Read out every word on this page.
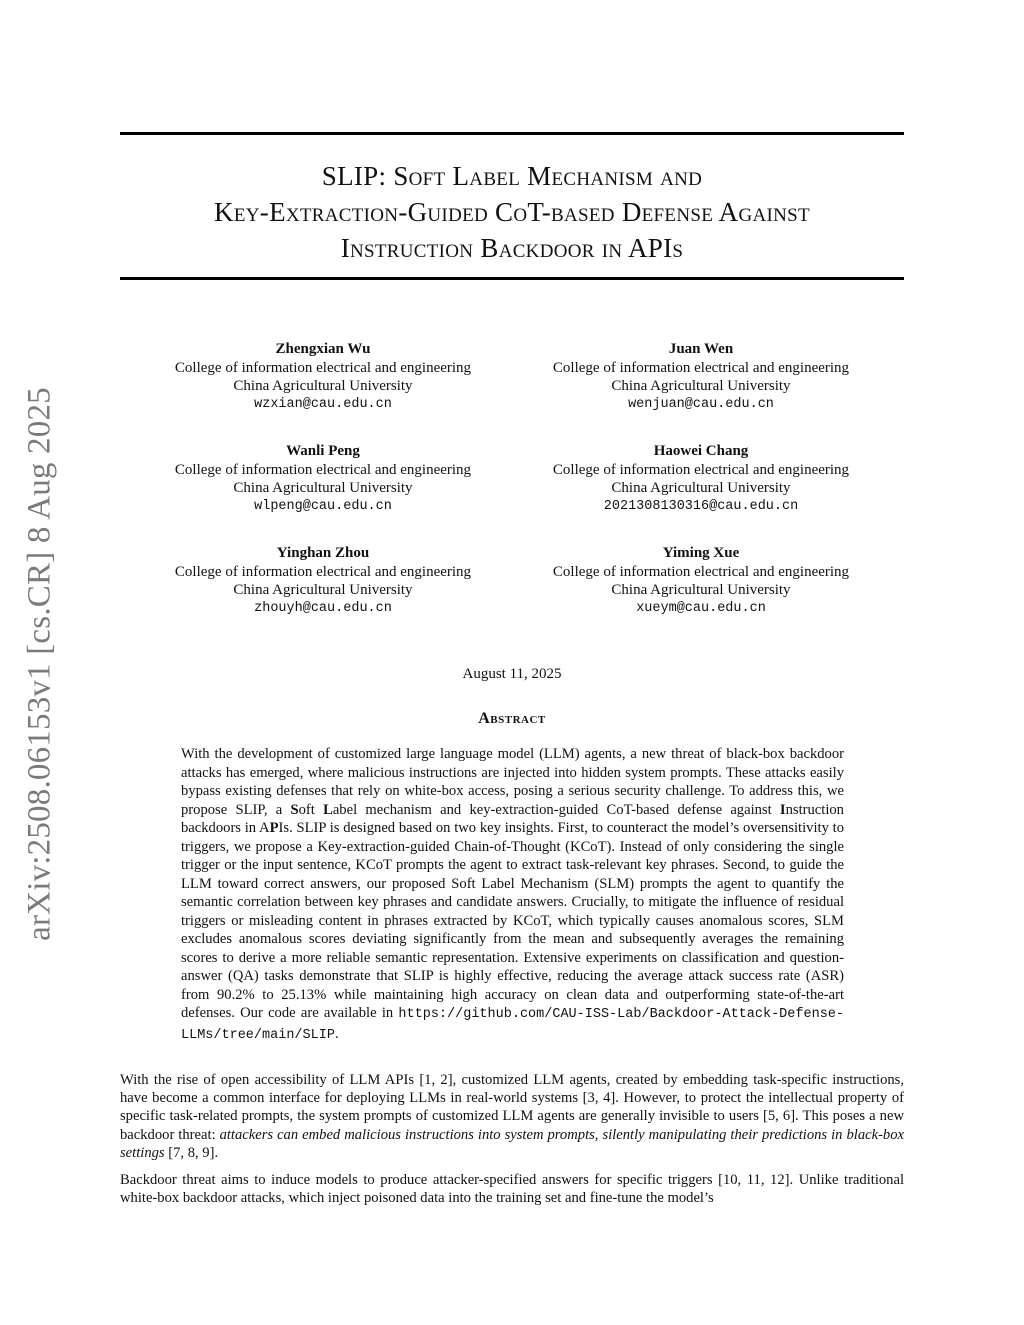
arXiv:2508.06153v1 [cs.CR] 8 Aug 2025
SLIP: Soft Label Mechanism and
Key-Extraction-Guided CoT-based Defense Against
Instruction Backdoor in APIs
Zhengxian Wu
College of information electrical and engineering
China Agricultural University
wzxian@cau.edu.cn
Juan Wen
College of information electrical and engineering
China Agricultural University
wenjuan@cau.edu.cn
Wanli Peng
College of information electrical and engineering
China Agricultural University
wlpeng@cau.edu.cn
Haowei Chang
College of information electrical and engineering
China Agricultural University
2021308130316@cau.edu.cn
Yinghan Zhou
College of information electrical and engineering
China Agricultural University
zhouyh@cau.edu.cn
Yiming Xue
College of information electrical and engineering
China Agricultural University
xueym@cau.edu.cn
August 11, 2025
Abstract
With the development of customized large language model (LLM) agents, a new threat of black-box backdoor attacks has emerged, where malicious instructions are injected into hidden system prompts. These attacks easily bypass existing defenses that rely on white-box access, posing a serious security challenge. To address this, we propose SLIP, a Soft Label mechanism and key-extraction-guided CoT-based defense against Instruction backdoors in APIs. SLIP is designed based on two key insights. First, to counteract the model’s oversensitivity to triggers, we propose a Key-extraction-guided Chain-of-Thought (KCoT). Instead of only considering the single trigger or the input sentence, KCoT prompts the agent to extract task-relevant key phrases. Second, to guide the LLM toward correct answers, our proposed Soft Label Mechanism (SLM) prompts the agent to quantify the semantic correlation between key phrases and candidate answers. Crucially, to mitigate the influence of residual triggers or misleading content in phrases extracted by KCoT, which typically causes anomalous scores, SLM excludes anomalous scores deviating significantly from the mean and subsequently averages the remaining scores to derive a more reliable semantic representation. Extensive experiments on classification and question-answer (QA) tasks demonstrate that SLIP is highly effective, reducing the average attack success rate (ASR) from 90.2% to 25.13% while maintaining high accuracy on clean data and outperforming state-of-the-art defenses. Our code are available in https://github.com/CAU-ISS-Lab/Backdoor-Attack-Defense-LLMs/tree/main/SLIP.
With the rise of open accessibility of LLM APIs [1, 2], customized LLM agents, created by embedding task-specific instructions, have become a common interface for deploying LLMs in real-world systems [3, 4]. However, to protect the intellectual property of specific task-related prompts, the system prompts of customized LLM agents are generally invisible to users [5, 6]. This poses a new backdoor threat: attackers can embed malicious instructions into system prompts, silently manipulating their predictions in black-box settings [7, 8, 9].
Backdoor threat aims to induce models to produce attacker-specified answers for specific triggers [10, 11, 12]. Unlike traditional white-box backdoor attacks, which inject poisoned data into the training set and fine-tune the model’s
